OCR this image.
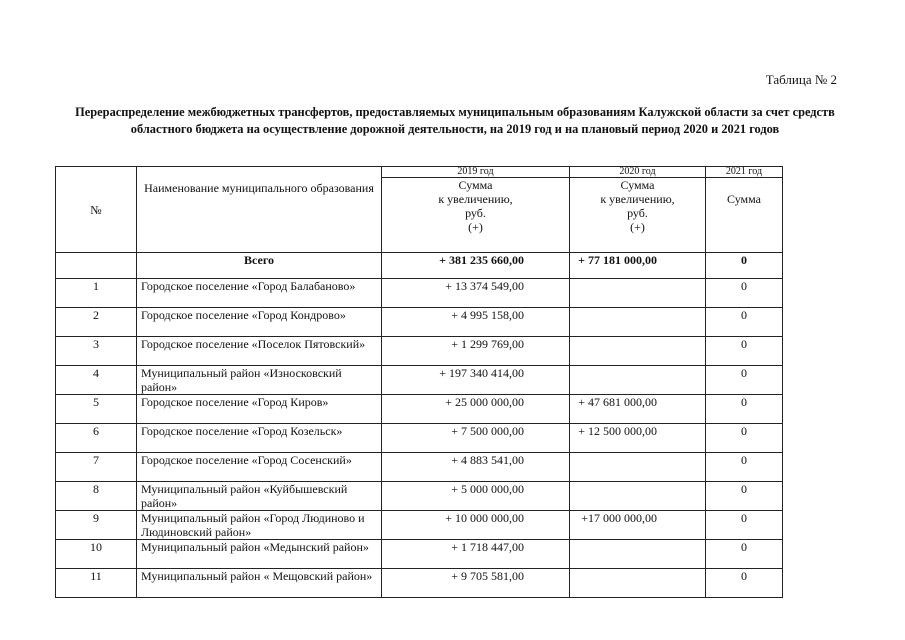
Таблица № 2
Перераспределение межбюджетных трансфертов, предоставляемых муниципальным образованиям Калужской области за счет средств областного бюджета на осуществление дорожной деятельности, на 2019 год и на плановый период 2020 и 2021 годов
№	Наименование муниципального образования	2019 год	2020 год	2021 год
		Сумма
к увеличению,
руб.
(+)	Сумма
к увеличению,
руб.
(+)	Сумма
	Всего	+ 381 235 660,00	+ 77 181 000,00	0
1	Городское поселение «Город Балабаново»	+ 13 374 549,00		0
2	Городское поселение «Город Кондрово»	+ 4 995 158,00		0
3	Городское поселение «Поселок Пятовский»	+ 1 299 769,00		0
4	Муниципальный район «Износковский район»	+ 197 340 414,00		0
5	Городское поселение «Город Киров»	+ 25 000 000,00	+ 47 681 000,00	0
6	Городское поселение «Город Козельск»	+ 7 500 000,00	+ 12 500 000,00	0
7	Городское поселение «Город Сосенский»	+ 4 883 541,00		0
8	Муниципальный район «Куйбышевский район»	+ 5 000 000,00		0
9	Муниципальный район «Город Людиново и Людиновский район»	+ 10 000 000,00	+17 000 000,00	0
10	Муниципальный район «Медынский район»	+ 1 718 447,00		0
11	Муниципальный район « Мещовский район»	+ 9 705 581,00		0
